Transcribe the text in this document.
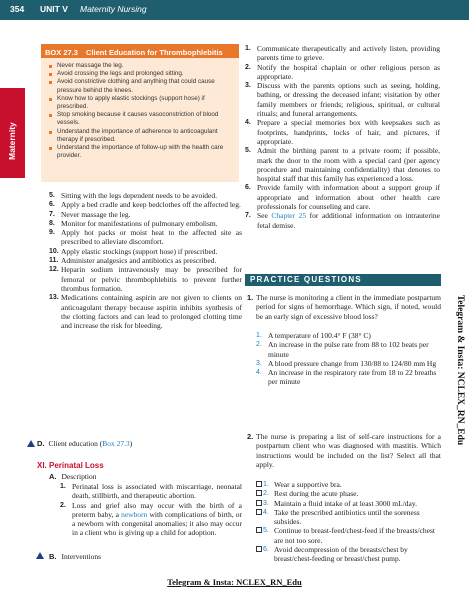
354 UNIT V Maternity Nursing
Maternity
BOX 27.3 Client Education for Thrombophlebitis
Never massage the leg.
Avoid crossing the legs and prolonged sitting.
Avoid constrictive clothing and anything that could cause pressure behind the knees.
Know how to apply elastic stockings (support hose) if prescribed.
Stop smoking because it causes vasoconstriction of blood vessels.
Understand the importance of adherence to anticoagulant therapy if prescribed.
Understand the importance of follow-up with the health care provider.
5. Sitting with the legs dependent needs to be avoided.
6. Apply a bed cradle and keep bedclothes off the affected leg.
7. Never massage the leg.
8. Monitor for manifestations of pulmonary embolism.
9. Apply hot packs or moist heat to the affected site as prescribed to alleviate discomfort.
10. Apply elastic stockings (support hose) if prescribed.
11. Administer analgesics and antibiotics as prescribed.
12. Heparin sodium intravenously may be prescribed for femoral or pelvic thrombophlebitis to prevent further thrombus formation.
13. Medications containing aspirin are not given to clients on anticoagulant therapy because aspirin inhibits synthesis of the clotting factors and can lead to prolonged clotting time and increase the risk for bleeding.
D. Client education (Box 27.3)
XI. Perinatal Loss
A. Description
1. Perinatal loss is associated with miscarriage, neonatal death, stillbirth, and therapeutic abortion.
2. Loss and grief also may occur with the birth of a preterm baby, a newborn with complications of birth, or a newborn with congenital anomalies; it also may occur in a client who is giving up a child for adoption.
B. Interventions
1. Communicate therapeutically and actively listen, providing parents time to grieve.
2. Notify the hospital chaplain or other religious person as appropriate.
3. Discuss with the parents options such as seeing, holding, bathing, or dressing the deceased infant; visitation by other family members or friends; religious, spiritual, or cultural rituals; and funeral arrangements.
4. Prepare a special memories box with keepsakes such as footprints, handprints, locks of hair, and pictures, if appropriate.
5. Admit the birthing parent to a private room; if possible, mark the door to the room with a special card (per agency procedure and maintaining confidentiality) that denotes to hospital staff that this family has experienced a loss.
6. Provide family with information about a support group if appropriate and information about other health care professionals for counseling and care.
7. See Chapter 25 for additional information on intrauterine fetal demise.
PRACTICE QUESTIONS
1. The nurse is monitoring a client in the immediate postpartum period for signs of hemorrhage. Which sign, if noted, would be an early sign of excessive blood loss?
1. A temperature of 100.4° F (38° C)
2. An increase in the pulse rate from 88 to 102 beats per minute
3. A blood pressure change from 130/88 to 124/80 mm Hg
4. An increase in the respiratory rate from 18 to 22 breaths per minute
2. The nurse is preparing a list of self-care instructions for a postpartum client who was diagnosed with mastitis. Which instructions would be included on the list? Select all that apply.
1. Wear a supportive bra.
2. Rest during the acute phase.
3. Maintain a fluid intake of at least 3000 mL/day.
4. Take the prescribed antibiotics until the soreness subsides.
5. Continue to breast-feed/chest-feed if the breasts/chest are not too sore.
6. Avoid decompression of the breasts/chest by breast/chest-feeding or breast/chest pump.
Telegram & Insta: NCLEX_RN_Edu
Telegram & Insta: NCLEX_RN_Edu
